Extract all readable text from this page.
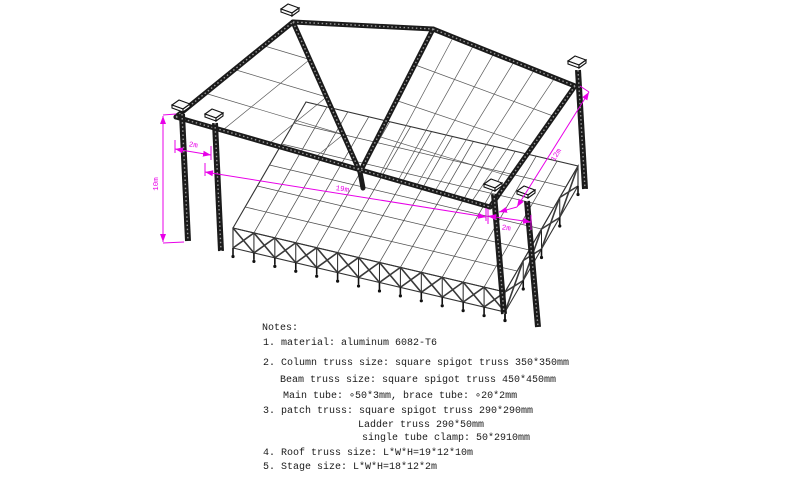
10m
2m
19m
12m
2m

Notes:

1. material: aluminum 6082-T6

2. Column truss size: square spigot truss 350*350mm

Beam truss size: square spigot truss 450*450mm

Main tube: ∘50*3mm, brace tube: ∘20*2mm

3. patch truss: square spigot truss 290*290mm

Ladder truss 290*50mm

single tube clamp: 50*2910mm

4. Roof truss size: L*W*H=19*12*10m

5. Stage size: L*W*H=18*12*2m
